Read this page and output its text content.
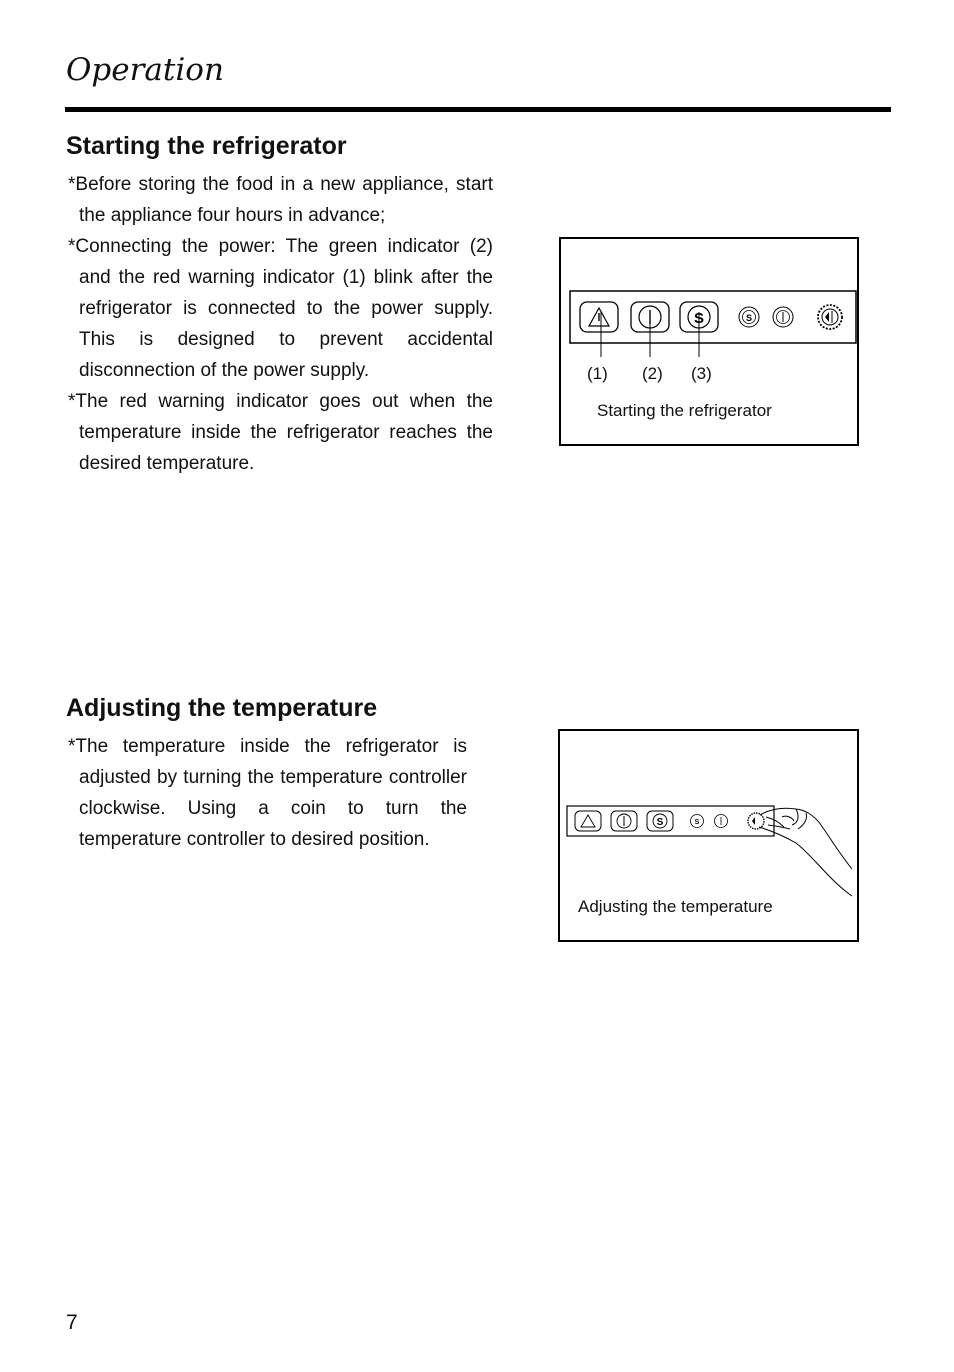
Operation
Starting the refrigerator

*Before storing the food in a new appliance, start the appliance four hours in advance;

*Connecting the power: The green indicator (2) and the red warning indicator (1) blink after the refrigerator is connected to the power supply. This is designed to prevent accidental disconnection of the power supply.

*The red warning indicator goes out when the temperature inside the refrigerator reaches the desired temperature.

S	S
(1) (2) (3)
Starting the refrigerator
Adjusting the temperature

*The temperature inside the refrigerator is adjusted by turning the temperature controller clockwise. Using a coin to turn the temperature controller to desired position.

S	S
Adjusting the temperature
7
